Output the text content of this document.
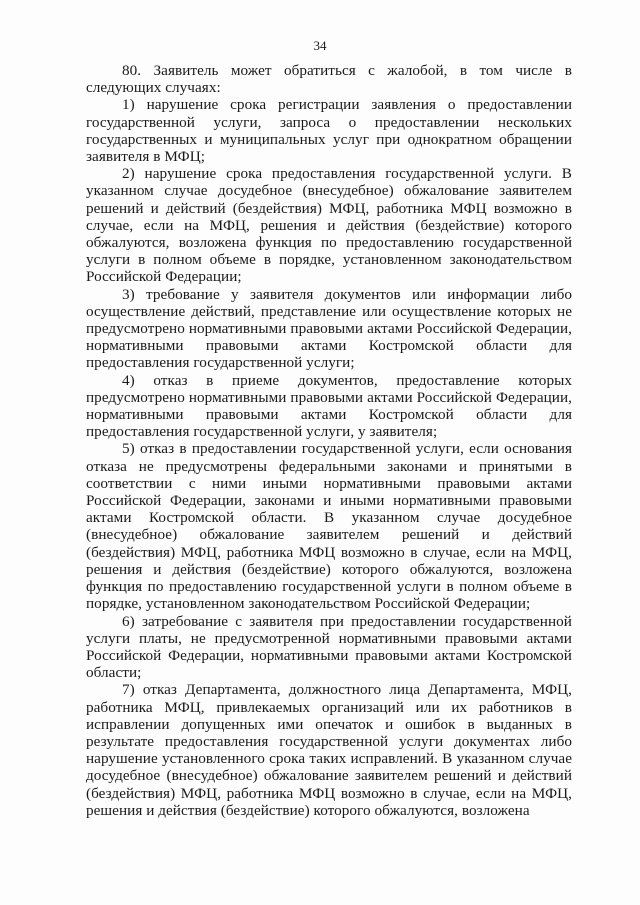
34

80. Заявитель может обратиться с жалобой, в том числе в следующих случаях:

1) нарушение срока регистрации заявления о предоставлении государственной услуги, запроса о предоставлении нескольких государственных и муниципальных услуг при однократном обращении заявителя в МФЦ;

2) нарушение срока предоставления государственной услуги. В указанном случае досудебное (внесудебное) обжалование заявителем решений и действий (бездействия) МФЦ, работника МФЦ возможно в случае, если на МФЦ, решения и действия (бездействие) которого обжалуются, возложена функция по предоставлению государственной услуги в полном объеме в порядке, установленном законодательством Российской Федерации;

3) требование у заявителя документов или информации либо осуществление действий, представление или осуществление которых не предусмотрено нормативными правовыми актами Российской Федерации, нормативными правовыми актами Костромской области для предоставления государственной услуги;

4) отказ в приеме документов, предоставление которых предусмотрено нормативными правовыми актами Российской Федерации, нормативными правовыми актами Костромской области для предоставления государственной услуги, у заявителя;

5) отказ в предоставлении государственной услуги, если основания отказа не предусмотрены федеральными законами и принятыми в соответствии с ними иными нормативными правовыми актами Российской Федерации, законами и иными нормативными правовыми актами Костромской области. В указанном случае досудебное (внесудебное) обжалование заявителем решений и действий (бездействия) МФЦ, работника МФЦ возможно в случае, если на МФЦ, решения и действия (бездействие) которого обжалуются, возложена функция по предоставлению государственной услуги в полном объеме в порядке, установленном законодательством Российской Федерации;

6) затребование с заявителя при предоставлении государственной услуги платы, не предусмотренной нормативными правовыми актами Российской Федерации, нормативными правовыми актами Костромской области;

7) отказ Департамента, должностного лица Департамента, МФЦ, работника МФЦ, привлекаемых организаций или их работников в исправлении допущенных ими опечаток и ошибок в выданных в результате предоставления государственной услуги документах либо нарушение установленного срока таких исправлений. В указанном случае досудебное (внесудебное) обжалование заявителем решений и действий (бездействия) МФЦ, работника МФЦ возможно в случае, если на МФЦ, решения и действия (бездействие) которого обжалуются, возложена
